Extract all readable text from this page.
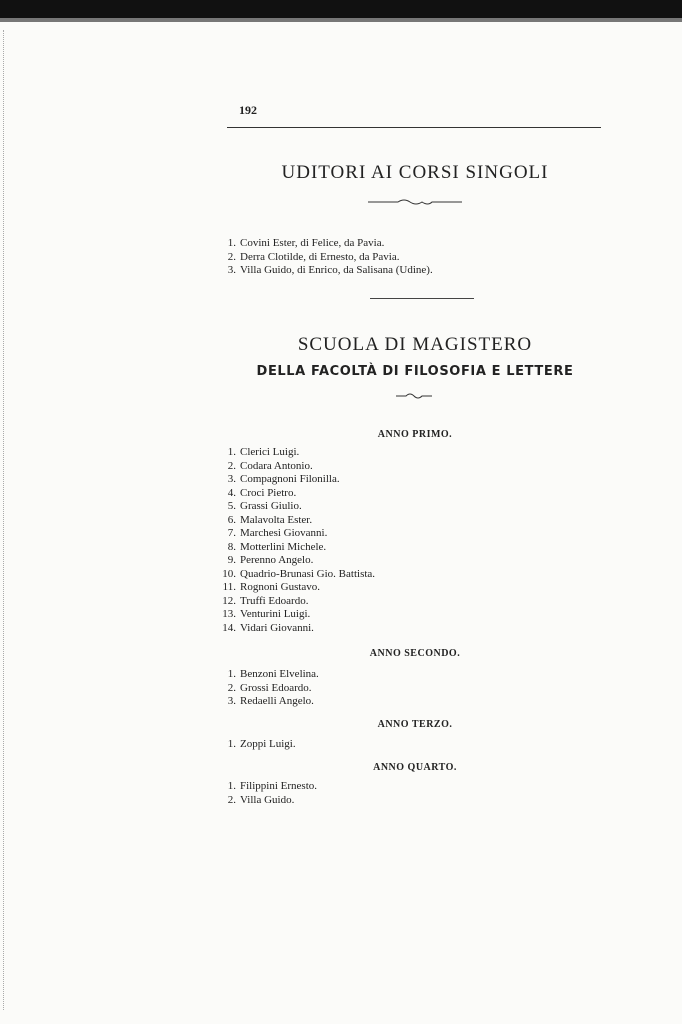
192
UDITORI AI CORSI SINGOLI
1. Covini Ester, di Felice, da Pavia.
2. Derra Clotilde, di Ernesto, da Pavia.
3. Villa Guido, di Enrico, da Salisana (Udine).
SCUOLA DI MAGISTERO
DELLA FACOLTÀ DI FILOSOFIA E LETTERE
ANNO PRIMO.
1. Clerici Luigi.
2. Codara Antonio.
3. Compagnoni Filonilla.
4. Croci Pietro.
5. Grassi Giulio.
6. Malavolta Ester.
7. Marchesi Giovanni.
8. Motterlini Michele.
9. Perenno Angelo.
10. Quadrio-Brunasi Gio. Battista.
11. Rognoni Gustavo.
12. Truffi Edoardo.
13. Venturini Luigi.
14. Vidari Giovanni.
ANNO SECONDO.
1. Benzoni Elvelina.
2. Grossi Edoardo.
3. Redaelli Angelo.
ANNO TERZO.
1. Zoppi Luigi.
ANNO QUARTO.
1. Filippini Ernesto.
2. Villa Guido.
